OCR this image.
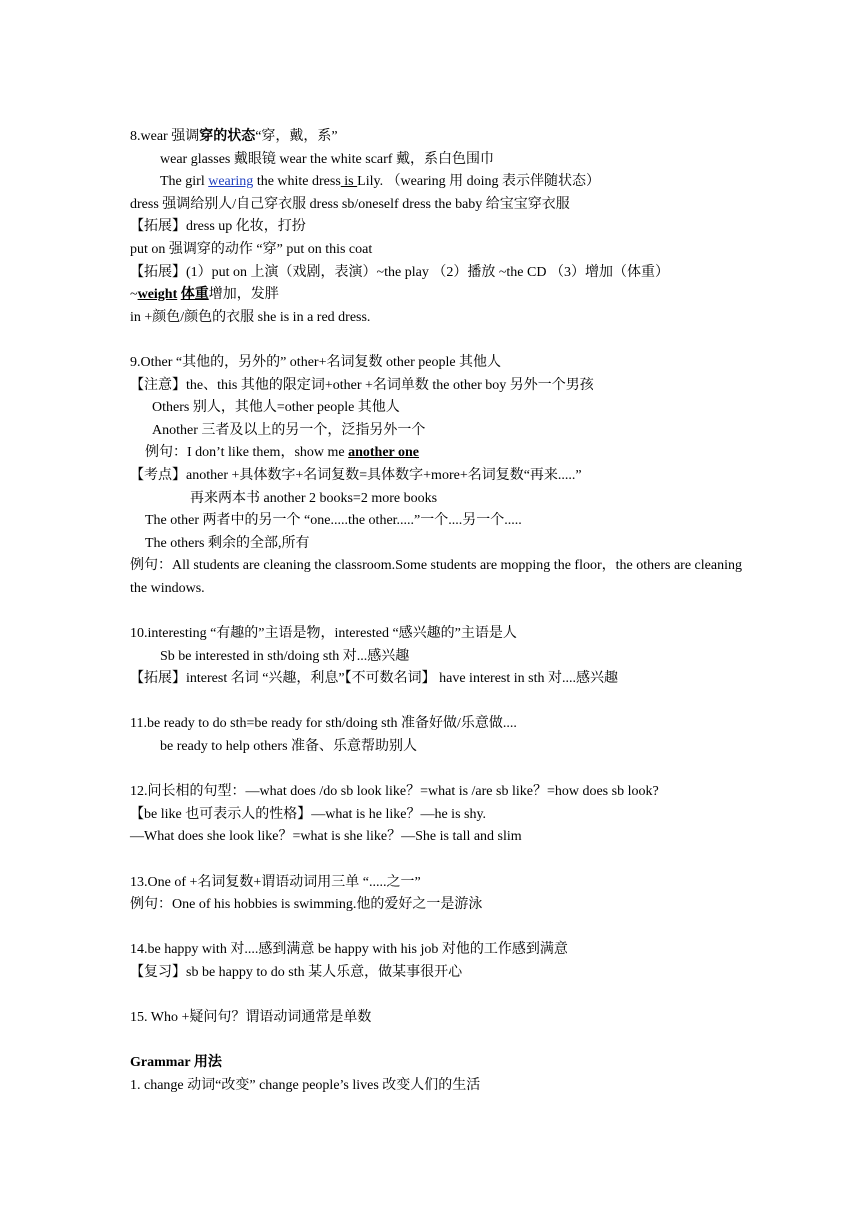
8.wear 强调穿的状态“穿，戴，系”
wear glasses 戴眼镜 wear the white scarf 戴，系白色围巾
The girl wearing the white dress is Lily. （wearing 用 doing 表示伴随状态）
dress 强调给别人/自己穿衣服 dress sb/oneself dress the baby 给宝宝穿衣服
【拓展】dress up 化妆，打扮
put on 强调穿的动作 “穿” put on this coat
【拓展】(1）put on 上演（戏剧，表演）~the play （2）播放 ~the CD （3）增加（体重）
~weight 体重增加，发胖
in +颜色/颜色的衣服 she is in a red dress.
9.Other “其他的，另外的” other+名词复数 other people 其他人
【注意】the、this 其他的限定词+other +名词单数 the other boy 另外一个男孩
Others 别人，其他人=other people 其他人
Another 三者及以上的另一个，泛指另外一个
例句：I don’t like them，show me another one
【考点】another +具体数字+名词复数=具体数字+more+名词复数“再来.....”
再来两本书 another 2 books=2 more books
The other 两者中的另一个 “one.....the other.....”一个....另一个.....
The others 剩余的全部,所有
例句：All students are cleaning the classroom.Some students are mopping the floor，the others are cleaning the windows.
10.interesting “有趣的”主语是物，interested “感兴趣的”主语是人
Sb be interested in sth/doing sth 对...感兴趣
【拓展】interest 名词 “兴趣，利息”【不可数名词】 have interest in sth 对....感兴趣
11.be ready to do sth=be ready for sth/doing sth 准备好做/乐意做....
be ready to help others 准备、乐意帮助别人
12.问长相的句型：—what does /do sb look like？=what is /are sb like？=how does sb look?
【be like 也可表示人的性格】—what is he like？—he is shy.
—What does she look like？=what is she like？—She is tall and slim
13.One of +名词复数+谓语动词用三单 “.....之一”
例句：One of his hobbies is swimming.他的爱好之一是游泳
14.be happy with 对....感到满意 be happy with his job 对他的工作感到满意
【复习】sb be happy to do sth 某人乐意，做某事很开心
15. Who +疑问句？谓语动词通常是单数
Grammar 用法
1. change 动词“改变” change people’s lives 改变人们的生活
